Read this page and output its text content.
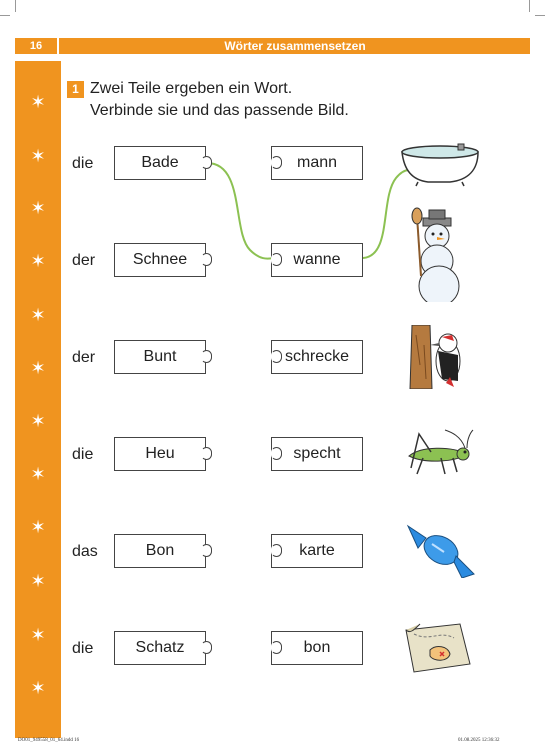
16	Wörter zusammensetzen
✶
✶
✶
✶
✶
✶
✶
✶
✶
✶
✶
✶
1 Zwei Teile ergeben ein Wort.
Verbinde sie und das passende Bild.
die	Bade	mann
der	Schnee	wanne
der	Bunt	schrecke
die	Heu	specht
das	Bon	karte
die	Schatz	bon
DO01_949558_01_64.indd 16	01.08.2025 12:36:32
